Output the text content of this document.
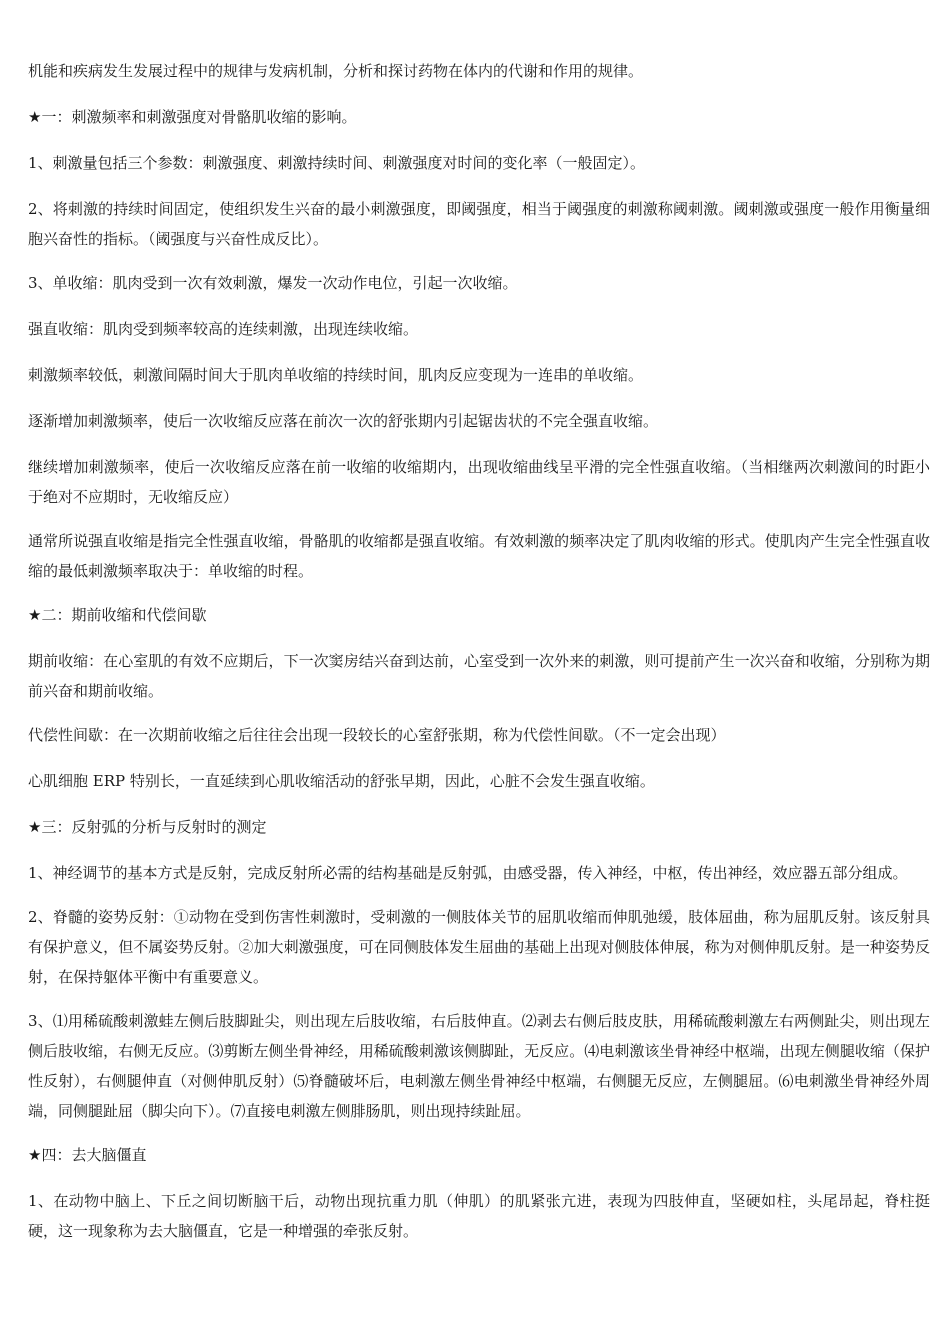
机能和疾病发生发展过程中的规律与发病机制，分析和探讨药物在体内的代谢和作用的规律。

★一：刺激频率和刺激强度对骨骼肌收缩的影响。

1、刺激量包括三个参数：刺激强度、刺激持续时间、刺激强度对时间的变化率（一般固定）。

2、将刺激的持续时间固定，使组织发生兴奋的最小刺激强度，即阈强度，相当于阈强度的刺激称阈刺激。阈刺激或强度一般作用衡量细胞兴奋性的指标。（阈强度与兴奋性成反比）。

3、单收缩：肌肉受到一次有效刺激，爆发一次动作电位，引起一次收缩。

强直收缩：肌肉受到频率较高的连续刺激，出现连续收缩。

刺激频率较低，刺激间隔时间大于肌肉单收缩的持续时间，肌肉反应变现为一连串的单收缩。

逐渐增加刺激频率，使后一次收缩反应落在前次一次的舒张期内引起锯齿状的不完全强直收缩。

继续增加刺激频率，使后一次收缩反应落在前一收缩的收缩期内，出现收缩曲线呈平滑的完全性强直收缩。（当相继两次刺激间的时距小于绝对不应期时，无收缩反应）

通常所说强直收缩是指完全性强直收缩，骨骼肌的收缩都是强直收缩。有效刺激的频率决定了肌肉收缩的形式。使肌肉产生完全性强直收缩的最低刺激频率取决于：单收缩的时程。

★二：期前收缩和代偿间歇

期前收缩：在心室肌的有效不应期后，下一次窦房结兴奋到达前，心室受到一次外来的刺激，则可提前产生一次兴奋和收缩，分别称为期前兴奋和期前收缩。

代偿性间歇：在一次期前收缩之后往往会出现一段较长的心室舒张期，称为代偿性间歇。（不一定会出现）

心肌细胞 ERP 特别长，一直延续到心肌收缩活动的舒张早期，因此，心脏不会发生强直收缩。

★三：反射弧的分析与反射时的测定

1、神经调节的基本方式是反射，完成反射所必需的结构基础是反射弧，由感受器，传入神经，中枢，传出神经，效应器五部分组成。

2、脊髓的姿势反射：①动物在受到伤害性刺激时，受刺激的一侧肢体关节的屈肌收缩而伸肌弛缓，肢体屈曲，称为屈肌反射。该反射具有保护意义，但不属姿势反射。②加大刺激强度，可在同侧肢体发生屈曲的基础上出现对侧肢体伸展，称为对侧伸肌反射。是一种姿势反射，在保持躯体平衡中有重要意义。

3、⑴用稀硫酸刺激蛙左侧后肢脚趾尖，则出现左后肢收缩，右后肢伸直。⑵剥去右侧后肢皮肤，用稀硫酸刺激左右两侧趾尖，则出现左侧后肢收缩，右侧无反应。⑶剪断左侧坐骨神经，用稀硫酸刺激该侧脚趾，无反应。⑷电刺激该坐骨神经中枢端，出现左侧腿收缩（保护性反射），右侧腿伸直（对侧伸肌反射）⑸脊髓破坏后，电刺激左侧坐骨神经中枢端，右侧腿无反应，左侧腿屈。⑹电刺激坐骨神经外周端，同侧腿趾屈（脚尖向下）。⑺直接电刺激左侧腓肠肌，则出现持续趾屈。

★四：去大脑僵直

1、在动物中脑上、下丘之间切断脑干后，动物出现抗重力肌（伸肌）的肌紧张亢进，表现为四肢伸直，坚硬如柱，头尾昂起，脊柱挺硬，这一现象称为去大脑僵直，它是一种增强的牵张反射。
